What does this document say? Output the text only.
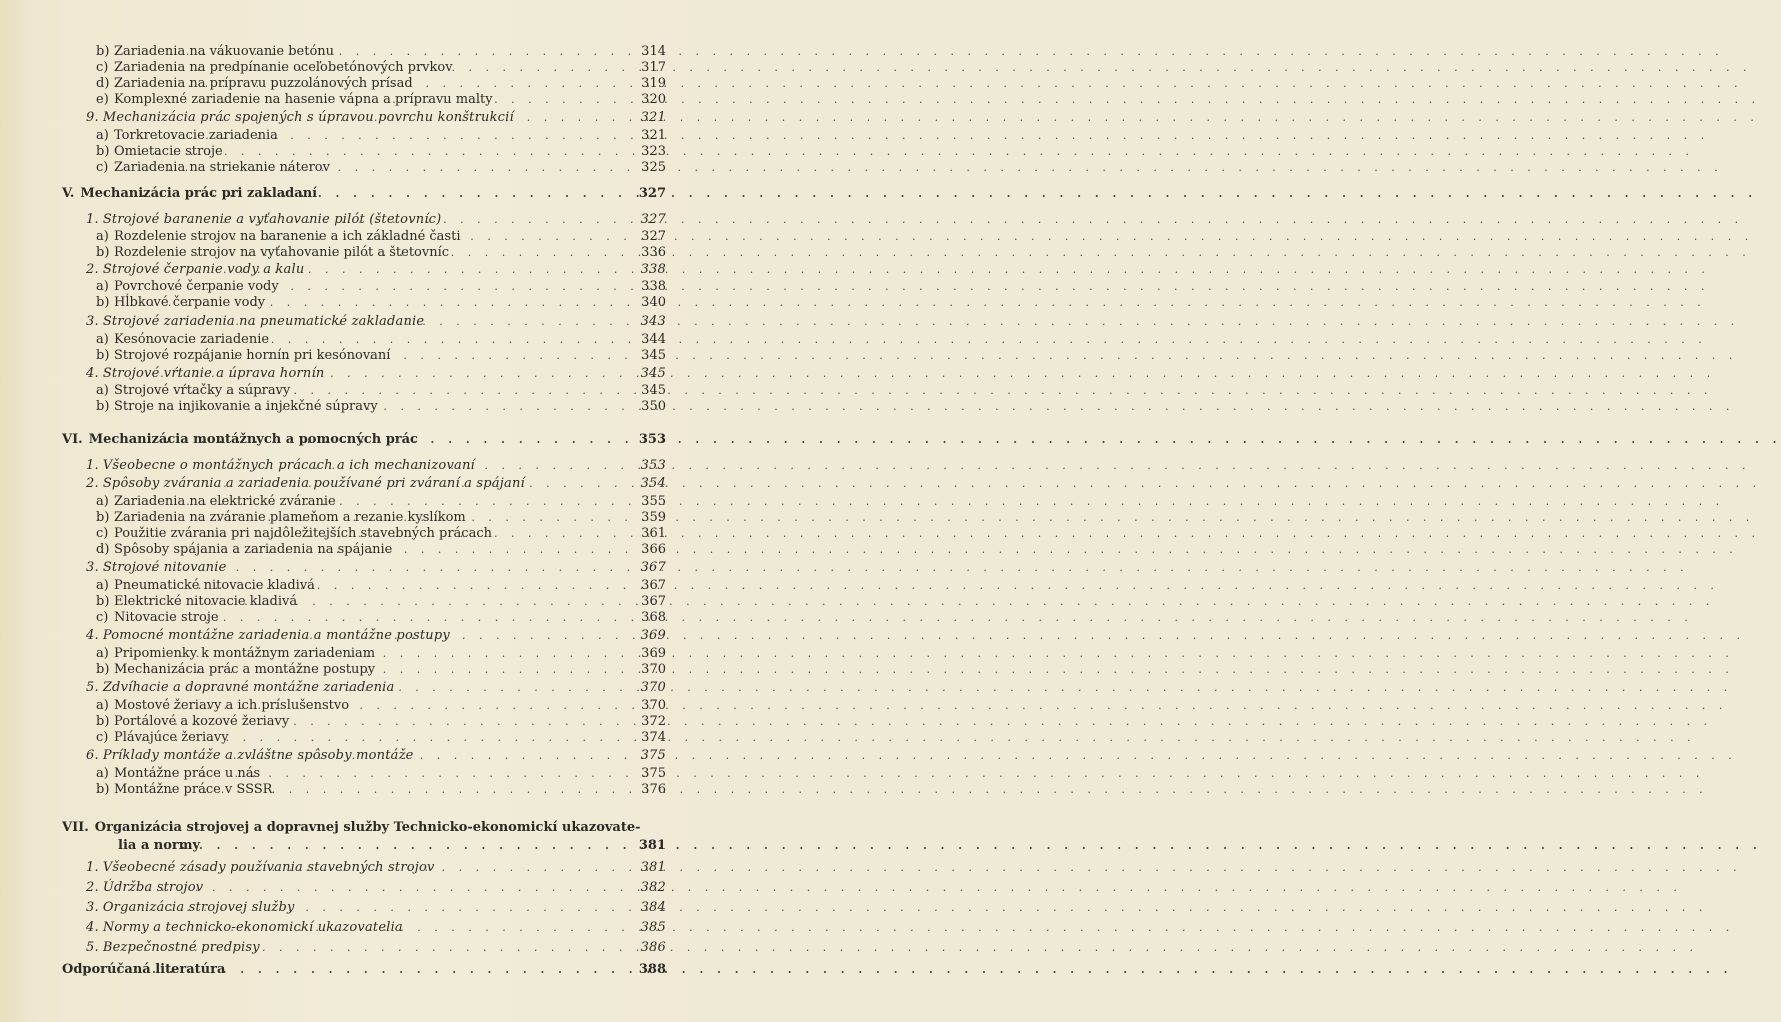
b) Zariadenia na vákuovanie betónu . . .	314
c) Zariadenia na predpínanie oceľobetónových prvkov . . .	317
d) Zariadenia na prípravu puzzolánových prísad . . .	319
e) Komplexné zariadenie na hasenie vápna a prípravu malty . . .	320
9. Mechanizácia prác spojených s úpravou povrchu konštrukcií . . .	321
a) Torkretovacie zariadenia . . .	321
b) Omietacie stroje . . .	323
c) Zariadenia na striekanie náterov . . .	325
V. Mechanizácia prác pri zakladaní . . .	327
1. Strojové baranenie a vyťahovanie pilót (štetovníc) . . .	327
a) Rozdelenie strojov na baranenie a ich základné časti . . .	327
b) Rozdelenie strojov na vyťahovanie pilót a štetovníc . . .	336
2. Strojové čerpanie vody a kalu . . .	338
a) Povrchové čerpanie vody . . .	338
b) Hĺbkové čerpanie vody . . .	340
3. Strojové zariadenia na pneumatické zakladanie . . .	343
a) Kesónovacie zariadenie . . .	344
b) Strojové rozpájanie hornín pri kesónovaní . . .	345
4. Strojové vŕtanie a úprava hornín . . .	345
a) Strojové vŕtačky a súpravy . . .	345
b) Stroje na injikovanie a injekčné súpravy . . .	350
VI. Mechanizácia montážnych a pomocných prác . . .	353
1. Všeobecne o montážnych prácach a ich mechanizovaní . . .	353
2. Spôsoby zvárania a zariadenia používané pri zváraní a spájaní . . .	354
a) Zariadenia na elektrické zváranie . . .	355
b) Zariadenia na zváranie plameňom a rezanie kyslíkom . . .	359
c) Použitie zvárania pri najdôležitejších stavebných prácach . . .	361
d) Spôsoby spájania a zariadenia na spájanie . . .	366
3. Strojové nitovanie . . .	367
a) Pneumatické nitovacie kladivá . . .	367
b) Elektrické nitovacie kladivá . . .	367
c) Nitovacie stroje . . .	368
4. Pomocné montážne zariadenia a montážne postupy . . .	369
a) Pripomienky k montážnym zariadeniam . . .	369
b) Mechanizácia prác a montážne postupy . . .	370
5. Zdvíhacie a dopravné montážne zariadenia . . .	370
a) Mostové žeriavy a ich príslušenstvo . . .	370
b) Portálové a kozové žeriavy . . .	372
c) Plávajúce žeriavy . . .	374
6. Príklady montáže a zvláštne spôsoby montáže . . .	375
a) Montážne práce u nás . . .	375
b) Montážne práce v SSSR . . .	376
VII. Organizácia strojovej a dopravnej služby Technicko-ekonomickí ukazovate-
lia a normy . . .	381
1. Všeobecné zásady používania stavebných strojov . . .	381
2. Údržba strojov . . .	382
3. Organizácia strojovej služby . . .	384
4. Normy a technicko-ekonomickí ukazovatelia . . .	385
5. Bezpečnostné predpisy . . .	386
Odporúčaná literatúra . . .	388
